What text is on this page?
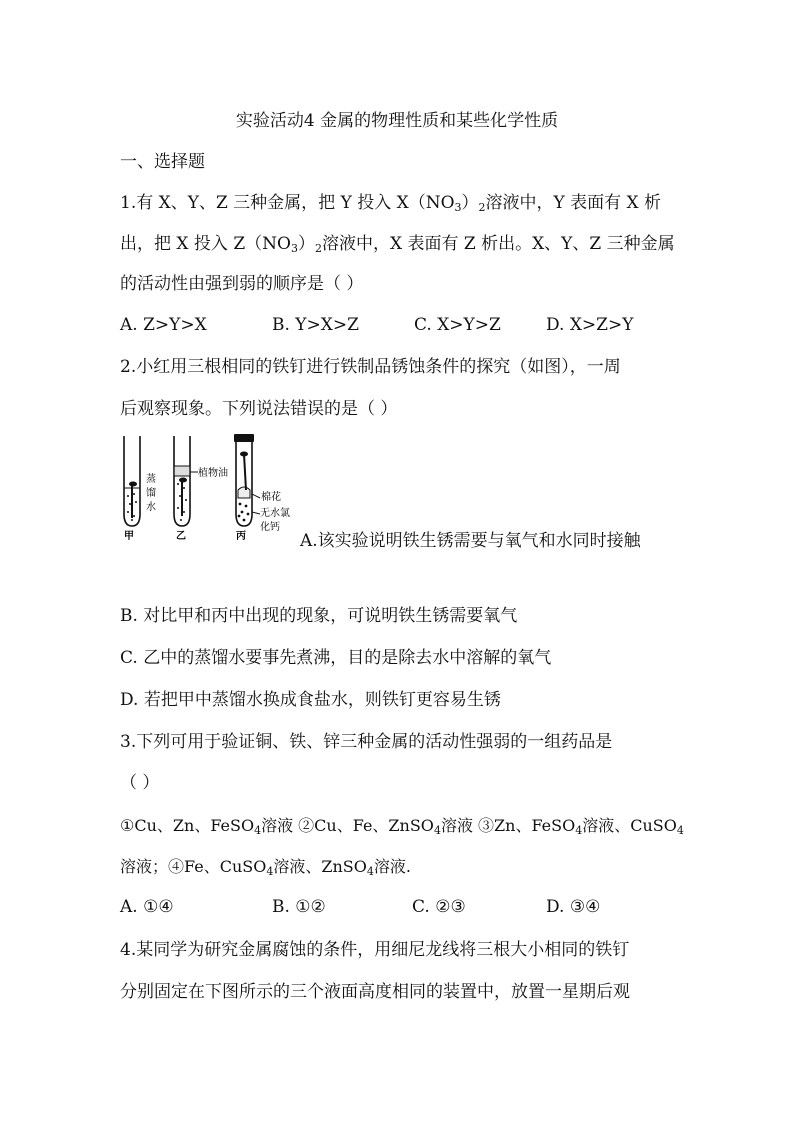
实验活动4 金属的物理性质和某些化学性质
一、选择题
1.有 X、Y、Z 三种金属，把 Y 投入 $X(NO_3)_2$溶液中，Y 表面有 X 析
出，把 X 投入 $Z(NO_3)_2$溶液中，X 表面有 Z 析出。X、Y、Z 三种金属
的活动性由强到弱的顺序是（ ）
A. Z>Y>X	B. Y>X>Z	C. X>Y>Z	D. X>Z>Y
2.小红用三根相同的铁钉进行铁制品锈蚀条件的探究（如图），一周
后观察现象。下列说法错误的是（ ）
蒸
馏
水
甲
植物油
乙
棉花
无水氯
化钙
丙	A.该实验说明铁生锈需要与氧气和水同时接触
B. 对比甲和丙中出现的现象，可说明铁生锈需要氧气
C. 乙中的蒸馏水要事先煮沸，目的是除去水中溶解的氧气
D. 若把甲中蒸馏水换成食盐水，则铁钉更容易生锈
3.下列可用于验证铜、铁、锌三种金属的活动性强弱的一组药品是
（ ）
①Cu、Zn、FeSO$_4$溶液 ②Cu、Fe、ZnSO$_4$溶液 ③Zn、FeSO$_4$溶液、CuSO$_4$
溶液；④Fe、CuSO$_4$溶液、ZnSO$_4$溶液.
A. ①④	B. ①②	C. ②③	D. ③④
4.某同学为研究金属腐蚀的条件，用细尼龙线将三根大小相同的铁钉
分别固定在下图所示的三个液面高度相同的装置中，放置一星期后观
